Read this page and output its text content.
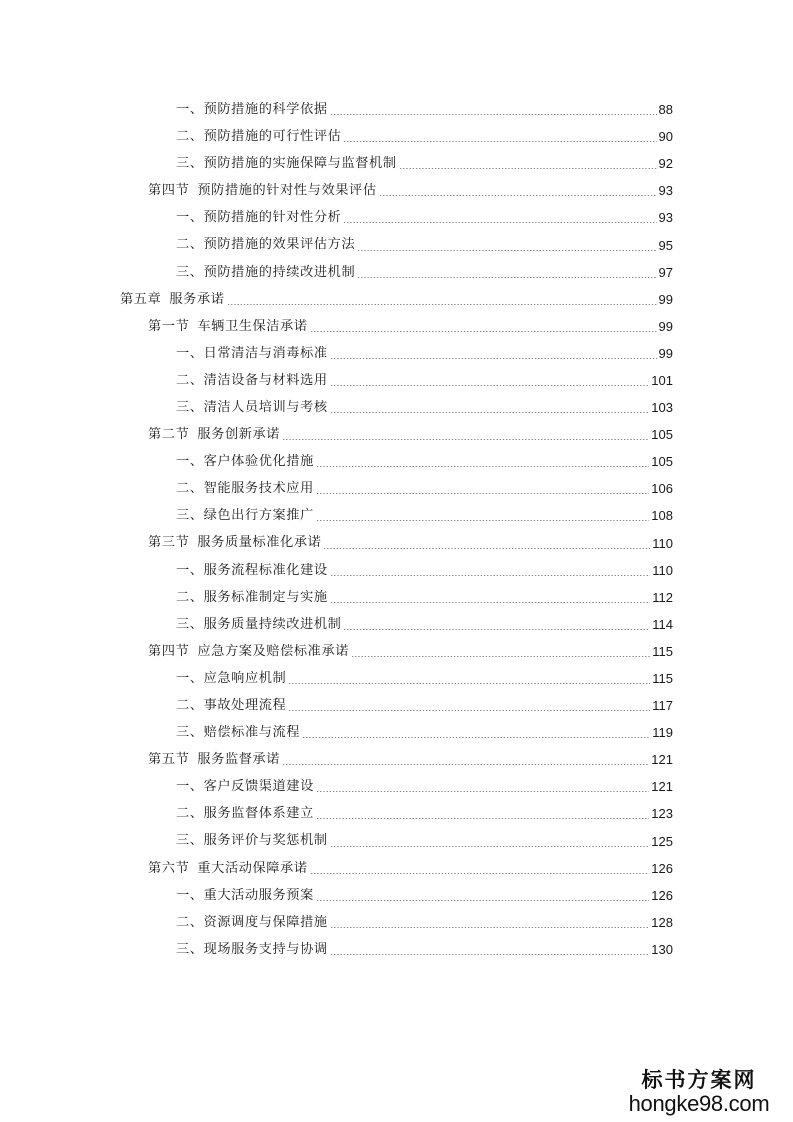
一、预防措施的科学依据	88
二、预防措施的可行性评估	90
三、预防措施的实施保障与监督机制	92
第四节 预防措施的针对性与效果评估	93
一、预防措施的针对性分析	93
二、预防措施的效果评估方法	95
三、预防措施的持续改进机制	97
第五章 服务承诺	99
第一节 车辆卫生保洁承诺	99
一、日常清洁与消毒标准	99
二、清洁设备与材料选用	101
三、清洁人员培训与考核	103
第二节 服务创新承诺	105
一、客户体验优化措施	105
二、智能服务技术应用	106
三、绿色出行方案推广	108
第三节 服务质量标准化承诺	110
一、服务流程标准化建设	110
二、服务标准制定与实施	112
三、服务质量持续改进机制	114
第四节 应急方案及赔偿标准承诺	115
一、应急响应机制	115
二、事故处理流程	117
三、赔偿标准与流程	119
第五节 服务监督承诺	121
一、客户反馈渠道建设	121
二、服务监督体系建立	123
三、服务评价与奖惩机制	125
第六节 重大活动保障承诺	126
一、重大活动服务预案	126
二、资源调度与保障措施	128
三、现场服务支持与协调	130
标书方案网
hongke98.com
